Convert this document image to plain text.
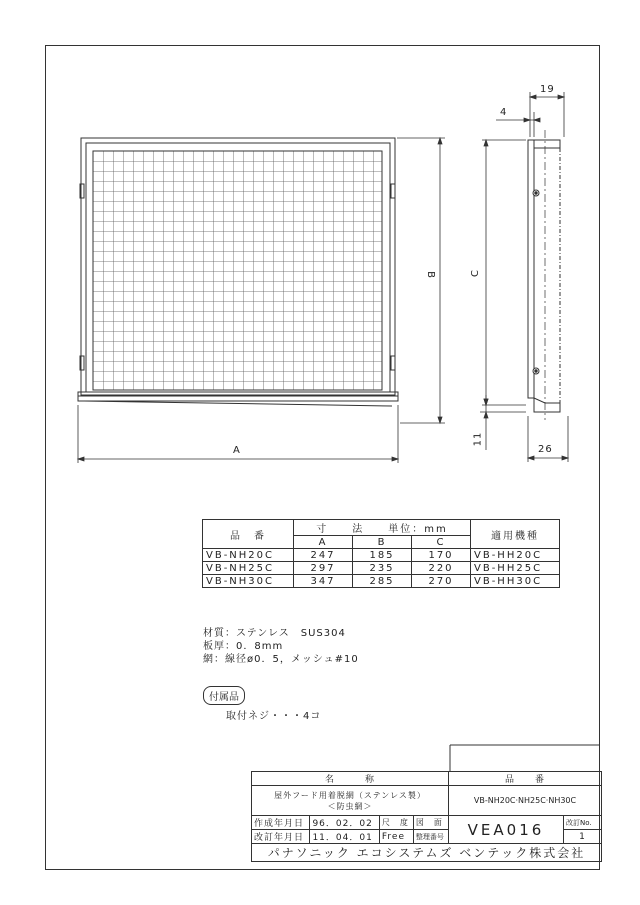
A
B	C
19
4
11
26
品　番	寸　　法　　単位：mm			適用機種
	A	B	C	
VB-NH20C	247	185	170	VB-HH20C
VB-NH25C	297	235	220	VB-HH25C
VB-NH30C	347	285	270	VB-HH30C
材質：ステンレス　SUS304
板厚：0．8mm
網：線径ø0．5，メッシュ#10
付属品
取付ネジ・・・4コ
名　　　称				品　　番	

屋外フード用着脱網（ステンレス製）
＜防虫網＞				VB-NH20C·NH25C·NH30C	
作成年月日	96．02．02	尺　度	図　面	VEA016	改訂No.
改訂年月日	11．04．01	Free	整理番号		1
パナソニック エコシステムズ ベンテック株式会社					
